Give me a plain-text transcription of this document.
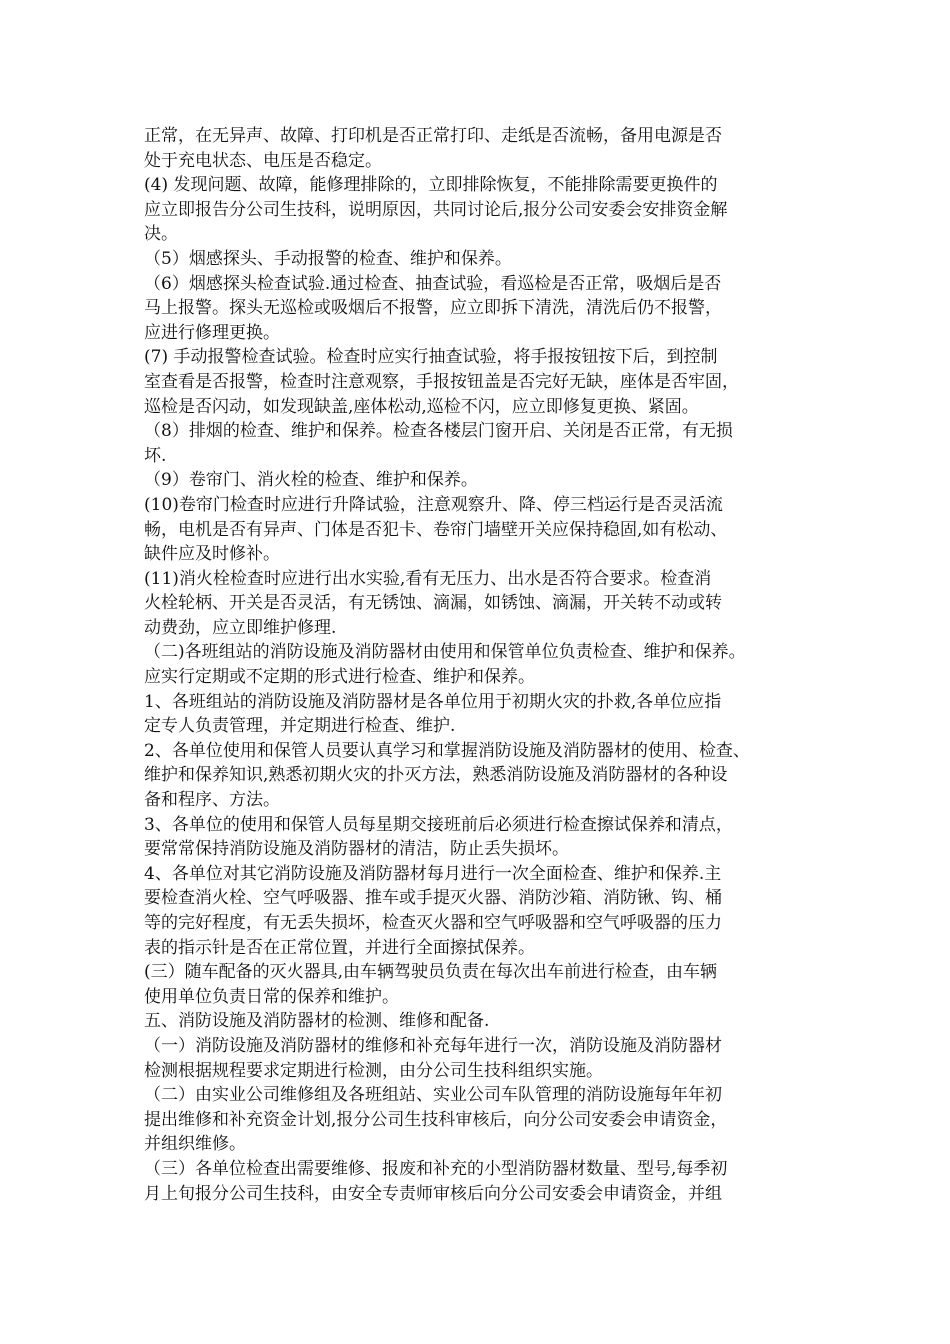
正常，在无异声、故障、打印机是否正常打印、走纸是否流畅，备用电源是否
处于充电状态、电压是否稳定。

(4) 发现问题、故障，能修理排除的，立即排除恢复，不能排除需要更换件的
应立即报告分公司生技科，说明原因，共同讨论后,报分公司安委会安排资金解
决。

（5）烟感探头、手动报警的检查、维护和保养。

（6）烟感探头检查试验.通过检查、抽查试验，看巡检是否正常，吸烟后是否
马上报警。探头无巡检或吸烟后不报警，应立即拆下清洗，清洗后仍不报警，
应进行修理更换。

(7) 手动报警检查试验。检查时应实行抽查试验，将手报按钮按下后，到控制
室查看是否报警，检查时注意观察，手报按钮盖是否完好无缺，座体是否牢固，
巡检是否闪动，如发现缺盖,座体松动,巡检不闪，应立即修复更换、紧固。

（8）排烟的检查、维护和保养。检查各楼层门窗开启、关闭是否正常，有无损
坏.

（9）卷帘门、消火栓的检查、维护和保养。

(10)卷帘门检查时应进行升降试验，注意观察升、降、停三档运行是否灵活流
畅，电机是否有异声、门体是否犯卡、卷帘门墙壁开关应保持稳固,如有松动、
缺件应及时修补。

(11)消火栓检查时应进行出水实验,看有无压力、出水是否符合要求。检查消
火栓轮柄、开关是否灵活，有无锈蚀、滴漏，如锈蚀、滴漏，开关转不动或转
动费劲，应立即维护修理.

（二)各班组站的消防设施及消防器材由使用和保管单位负责检查、维护和保养。
应实行定期或不定期的形式进行检查、维护和保养。

1、各班组站的消防设施及消防器材是各单位用于初期火灾的扑救,各单位应指
定专人负责管理，并定期进行检查、维护.

2、各单位使用和保管人员要认真学习和掌握消防设施及消防器材的使用、检查、
维护和保养知识,熟悉初期火灾的扑灭方法，熟悉消防设施及消防器材的各种设
备和程序、方法。

3、各单位的使用和保管人员每星期交接班前后必须进行检查擦试保养和清点，
要常常保持消防设施及消防器材的清洁，防止丢失损坏。

4、各单位对其它消防设施及消防器材每月进行一次全面检查、维护和保养.主
要检查消火栓、空气呼吸器、推车或手提灭火器、消防沙箱、消防锹、钩、桶
等的完好程度，有无丢失损坏，检查灭火器和空气呼吸器和空气呼吸器的压力
表的指示针是否在正常位置，并进行全面擦拭保养。

(三）随车配备的灭火器具,由车辆驾驶员负责在每次出车前进行检查，由车辆
使用单位负责日常的保养和维护。

五、消防设施及消防器材的检测、维修和配备.

（一）消防设施及消防器材的维修和补充每年进行一次，消防设施及消防器材
检测根据规程要求定期进行检测，由分公司生技科组织实施。

（二）由实业公司维修组及各班组站、实业公司车队管理的消防设施每年年初
提出维修和补充资金计划,报分公司生技科审核后，向分公司安委会申请资金，
并组织维修。

（三）各单位检查出需要维修、报废和补充的小型消防器材数量、型号,每季初
月上旬报分公司生技科，由安全专责师审核后向分公司安委会申请资金，并组
